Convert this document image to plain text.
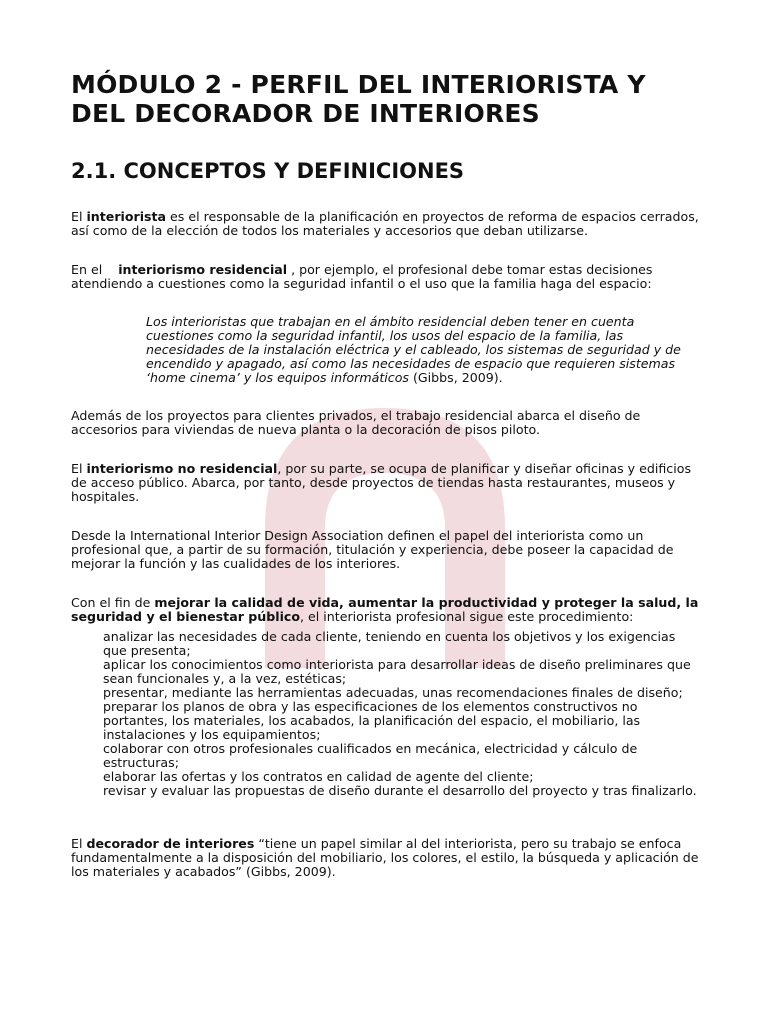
MÓDULO 2 - PERFIL DEL INTERIORISTA Y DEL DECORADOR DE INTERIORES
2.1. CONCEPTOS Y DEFINICIONES

El interiorista es el responsable de la planificación en proyectos de reforma de espacios cerrados, así como de la elección de todos los materiales y accesorios que deban utilizarse.

En el    interiorismo residencial , por ejemplo, el profesional debe tomar estas decisiones atendiendo a cuestiones como la seguridad infantil o el uso que la familia haga del espacio:

Los interioristas que trabajan en el ámbito residencial deben tener en cuenta cuestiones como la seguridad infantil, los usos del espacio de la familia, las necesidades de la instalación eléctrica y el cableado, los sistemas de seguridad y de encendido y apagado, así como las necesidades de espacio que requieren sistemas ‘home cinema’ y los equipos informáticos (Gibbs, 2009).

Además de los proyectos para clientes privados, el trabajo residencial abarca el diseño de accesorios para viviendas de nueva planta o la decoración de pisos piloto.

El interiorismo no residencial, por su parte, se ocupa de planificar y diseñar oficinas y edificios de acceso público. Abarca, por tanto, desde proyectos de tiendas hasta restaurantes, museos y hospitales.

Desde la International Interior Design Association definen el papel del interiorista como un profesional que, a partir de su formación, titulación y experiencia, debe poseer la capacidad de mejorar la función y las cualidades de los interiores.

Con el fin de mejorar la calidad de vida, aumentar la productividad y proteger la salud, la seguridad y el bienestar público, el interiorista profesional sigue este procedimiento:

analizar las necesidades de cada cliente, teniendo en cuenta los objetivos y los exigencias que presenta;
aplicar los conocimientos como interiorista para desarrollar ideas de diseño preliminares que sean funcionales y, a la vez, estéticas;
presentar, mediante las herramientas adecuadas, unas recomendaciones finales de diseño;
preparar los planos de obra y las especificaciones de los elementos constructivos no portantes, los materiales, los acabados, la planificación del espacio, el mobiliario, las instalaciones y los equipamientos;
colaborar con otros profesionales cualificados en mecánica, electricidad y cálculo de estructuras;
elaborar las ofertas y los contratos en calidad de agente del cliente;
revisar y evaluar las propuestas de diseño durante el desarrollo del proyecto y tras finalizarlo.

El decorador de interiores “tiene un papel similar al del interiorista, pero su trabajo se enfoca fundamentalmente a la disposición del mobiliario, los colores, el estilo, la búsqueda y aplicación de los materiales y acabados” (Gibbs, 2009).
